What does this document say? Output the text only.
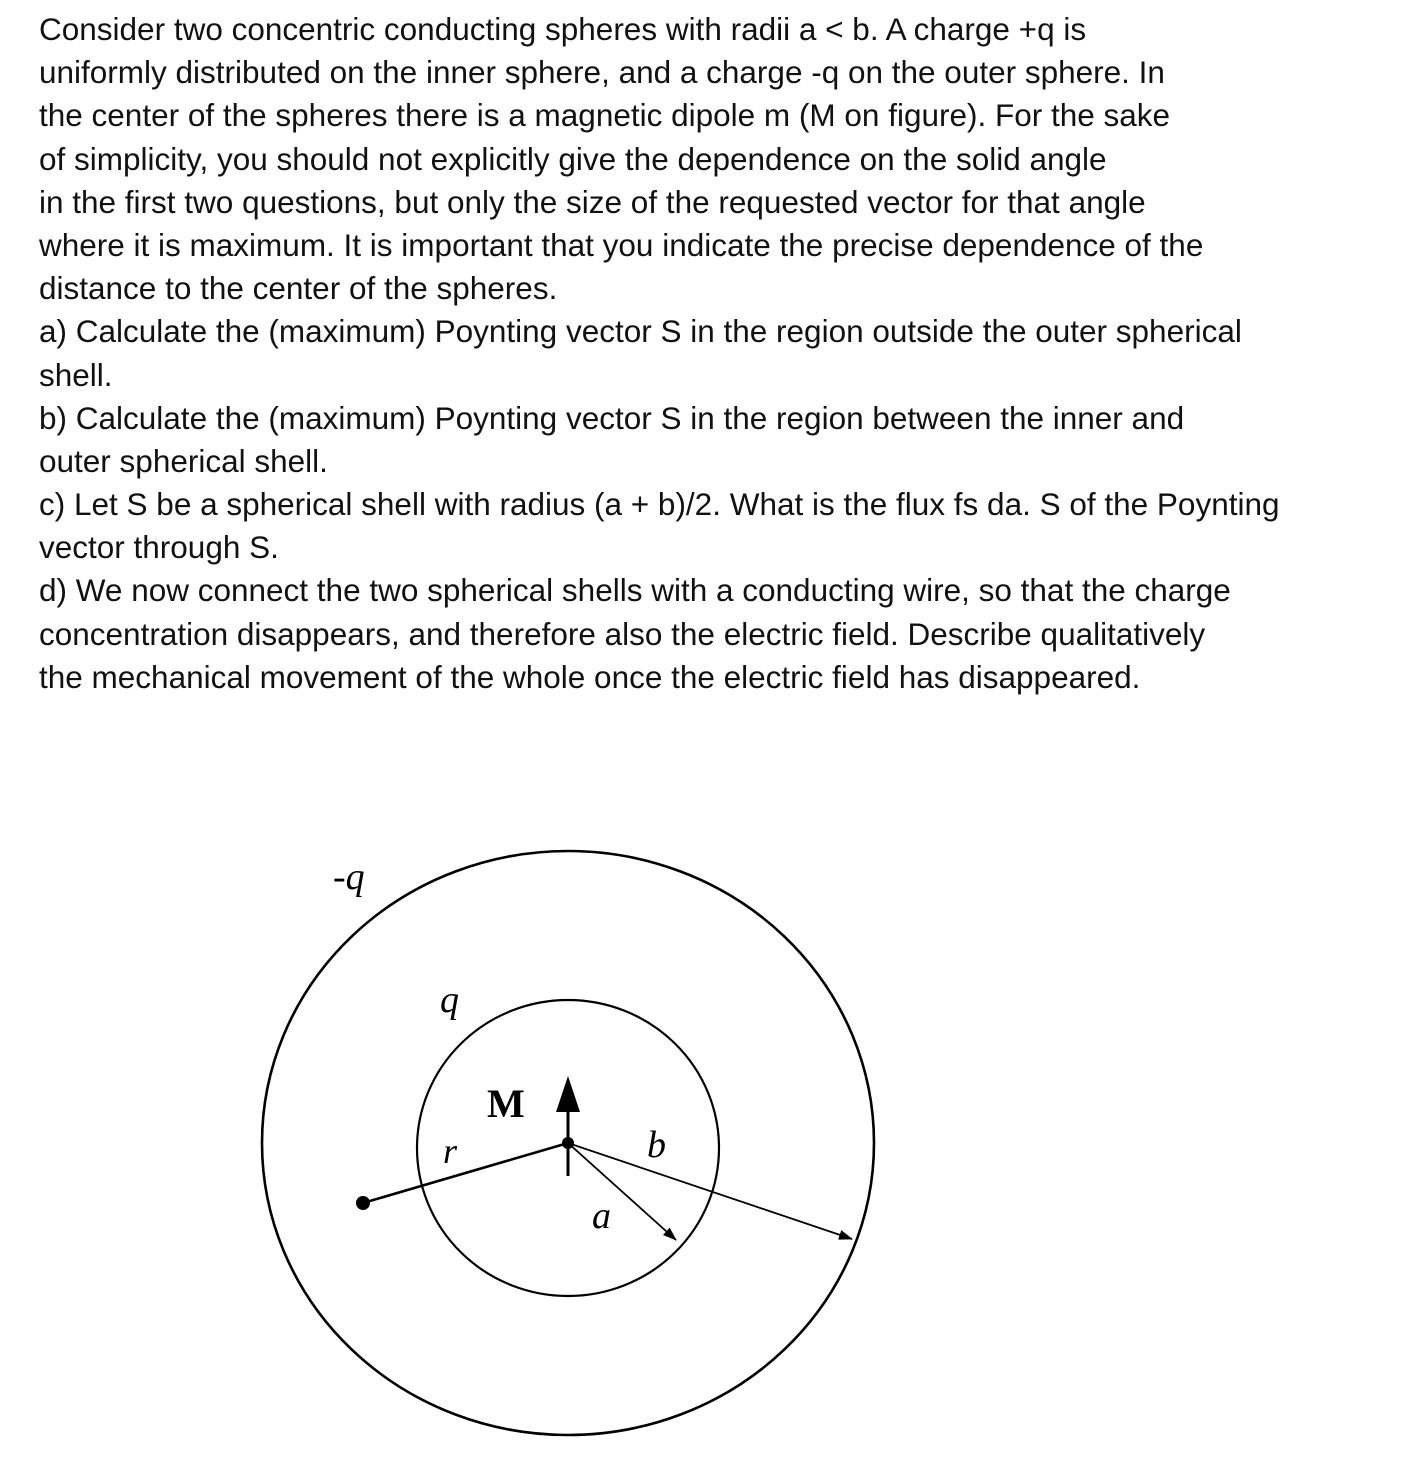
Consider two concentric conducting spheres with radii a < b. A charge +q is
uniformly distributed on the inner sphere, and a charge -q on the outer sphere. In
the center of the spheres there is a magnetic dipole m (M on figure). For the sake
of simplicity, you should not explicitly give the dependence on the solid angle
in the first two questions, but only the size of the requested vector for that angle
where it is maximum. It is important that you indicate the precise dependence of the
distance to the center of the spheres.
a) Calculate the (maximum) Poynting vector S in the region outside the outer spherical
shell.
b) Calculate the (maximum) Poynting vector S in the region between the inner and
outer spherical shell.
c) Let S be a spherical shell with radius (a + b)/2. What is the flux fs da. S of the Poynting
vector through S.
d) We now connect the two spherical shells with a conducting wire, so that the charge
concentration disappears, and therefore also the electric field. Describe qualitatively
the mechanical movement of the whole once the electric field has disappeared.
-q
q
M
r
a
b
